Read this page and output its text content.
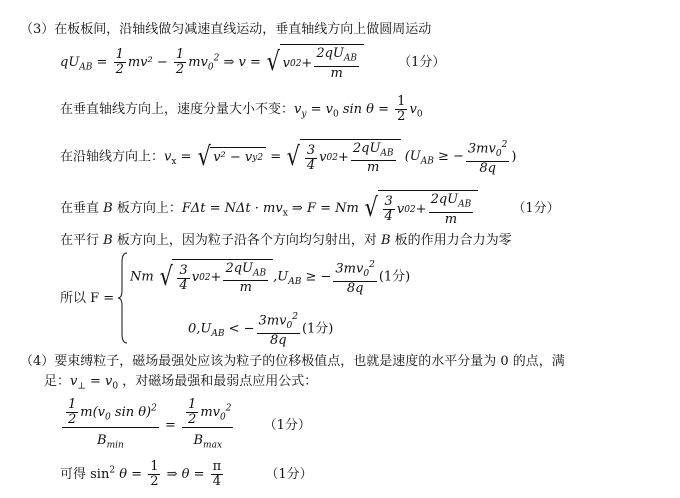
（3）在板板间，沿轴线做匀减速直线运动，垂直轴线方向上做圆周运动
$qU_{AB} = \frac{1}{2} mv^2 - \frac{1}{2} mv_0^2$ ⇒ v = √ v 0 $2 + \frac{2qU_{AB}}{m}$	（1分）
在垂直轴线方向上，速度分量大小不变：$v_y = v_0$ $\sin \theta = \frac{1}{2} v_0$
在沿轴线方向上：$v_x$ = √ v² − v y 2 = √ $\frac{3}{4}$ v 0 $2 + \frac{2qU_{AB}}{m} (U_{AB}$ ≥ − $\frac{3mv_0^2}{8q}$ )
在垂直 B 板方向上：$F\Delta t = N\Delta t \cdot mv_x$ ⇒ F = Nm √ $\frac{3}{4}$ v 0 $2 + \frac{2qU_{AB}}{m}$	（1分）
在平行 B 板方向上，因为粒子沿各个方向均匀射出，对 B 板的作用力合力为零
所以 F =
Nm √ $\frac{3}{4}$ v 0 $2 + \frac{2qU_{AB}}{m} ,U_{AB}$ ≥ − $\frac{3mv_0^2}{8q} (1$分)
$0,U_{AB}$ < − $\frac{3mv_0^2}{8q} (1$分)
（4）要束缚粒子，磁场最强处应该为粒子的位移极值点，也就是速度的水平分量为 0 的点，满
足：$v_\perp = v_0$ ，对磁场最强和最弱点应用公式：
$\frac{\frac{1}{2} m(v_0 \sin \theta)^2}{B_{min}} = \frac{\frac{1}{2} mv_0^2}{B_{max}} (1$分）
可得 $\sin^2 \theta = \frac{1}{2}$ ⇒ $\theta = \frac{\pi}{4}$	（1分）
